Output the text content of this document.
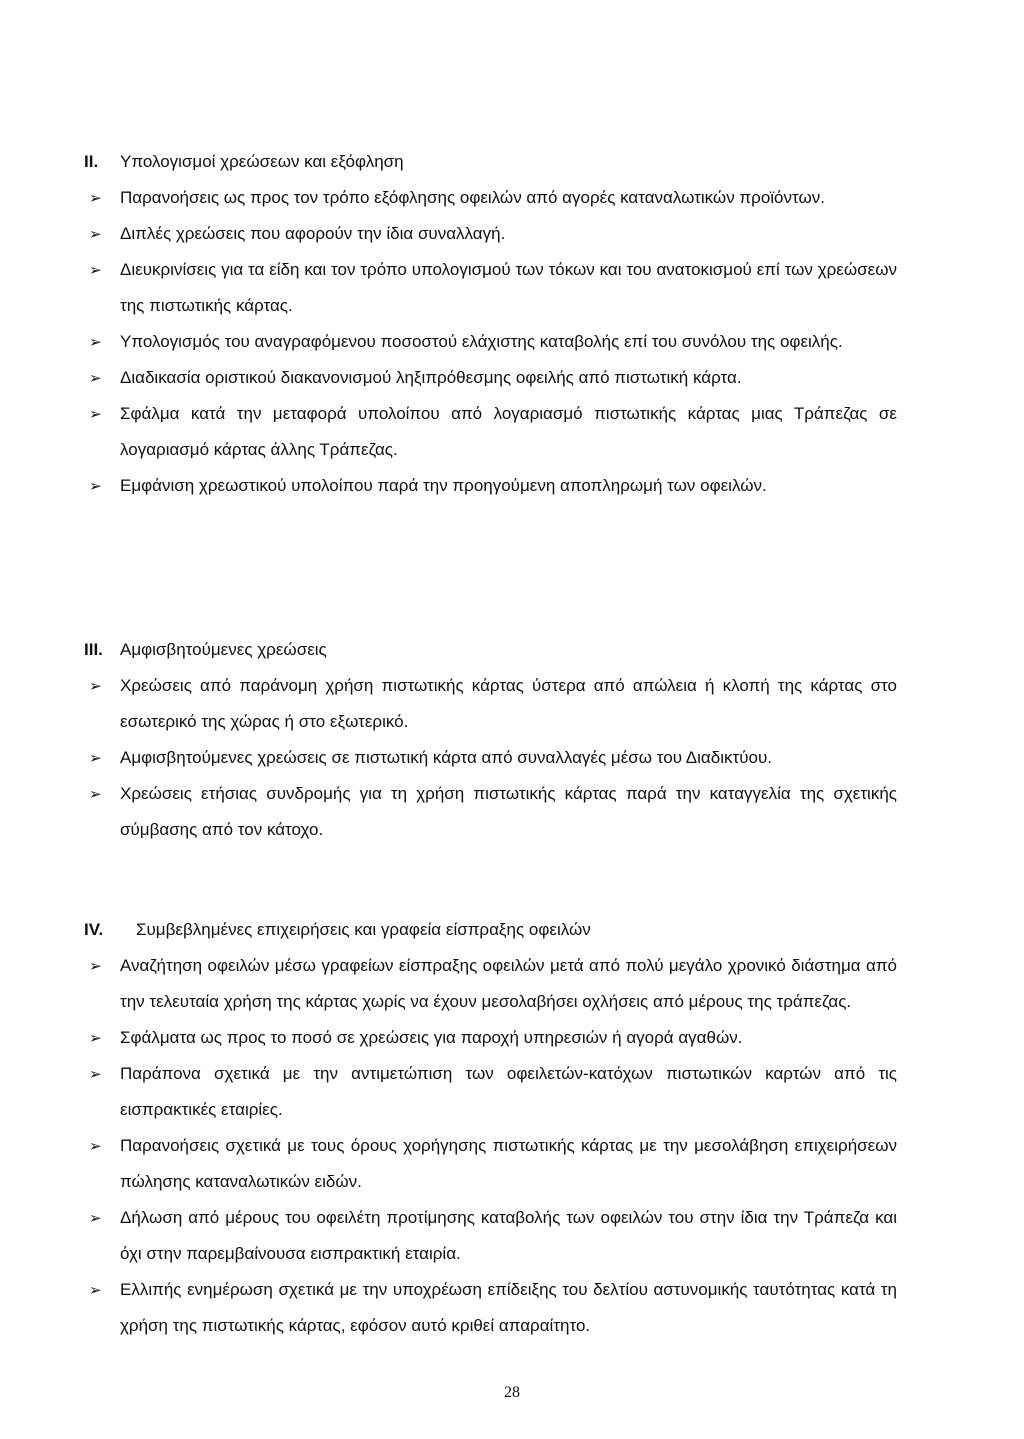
II. Υπολογισμοί χρεώσεων και εξόφληση
➢ Παρανοήσεις ως προς τον τρόπο εξόφλησης οφειλών από αγορές καταναλωτικών προϊόντων.
➢ Διπλές χρεώσεις που αφορούν την ίδια συναλλαγή.
➢ Διευκρινίσεις για τα είδη και τον τρόπο υπολογισμού των τόκων και του ανατοκισμού επί των χρεώσεων της πιστωτικής κάρτας.
➢ Υπολογισμός του αναγραφόμενου ποσοστού ελάχιστης καταβολής επί του συνόλου της οφειλής.
➢ Διαδικασία οριστικού διακανονισμού ληξιπρόθεσμης οφειλής από πιστωτική κάρτα.
➢ Σφάλμα κατά την μεταφορά υπολοίπου από λογαριασμό πιστωτικής κάρτας μιας Τράπεζας σε λογαριασμό κάρτας άλλης Τράπεζας.
➢ Εμφάνιση χρεωστικού υπολοίπου παρά την προηγούμενη αποπληρωμή των οφειλών.
III. Αμφισβητούμενες χρεώσεις
➢ Χρεώσεις από παράνομη χρήση πιστωτικής κάρτας ύστερα από απώλεια ή κλοπή της κάρτας στο εσωτερικό της χώρας ή στο εξωτερικό.
➢ Αμφισβητούμενες χρεώσεις σε πιστωτική κάρτα από συναλλαγές μέσω του Διαδικτύου.
➢ Χρεώσεις ετήσιας συνδρομής για τη χρήση πιστωτικής κάρτας παρά την καταγγελία της σχετικής σύμβασης από τον κάτοχο.
IV. Συμβεβλημένες επιχειρήσεις και γραφεία είσπραξης οφειλών
➢ Αναζήτηση οφειλών μέσω γραφείων είσπραξης οφειλών μετά από πολύ μεγάλο χρονικό διάστημα από την τελευταία χρήση της κάρτας χωρίς να έχουν μεσολαβήσει οχλήσεις από μέρους της τράπεζας.
➢ Σφάλματα ως προς το ποσό σε χρεώσεις για παροχή υπηρεσιών ή αγορά αγαθών.
➢ Παράπονα σχετικά με την αντιμετώπιση των οφειλετών-κατόχων πιστωτικών καρτών από τις εισπρακτικές εταιρίες.
➢ Παρανοήσεις σχετικά με τους όρους χορήγησης πιστωτικής κάρτας με την μεσολάβηση επιχειρήσεων πώλησης καταναλωτικών ειδών.
➢ Δήλωση από μέρους του οφειλέτη προτίμησης καταβολής των οφειλών του στην ίδια την Τράπεζα και όχι στην παρεμβαίνουσα εισπρακτική εταιρία.
➢ Ελλιπής ενημέρωση σχετικά με την υποχρέωση επίδειξης του δελτίου αστυνομικής ταυτότητας κατά τη χρήση της πιστωτικής κάρτας, εφόσον αυτό κριθεί απαραίτητο.
28
